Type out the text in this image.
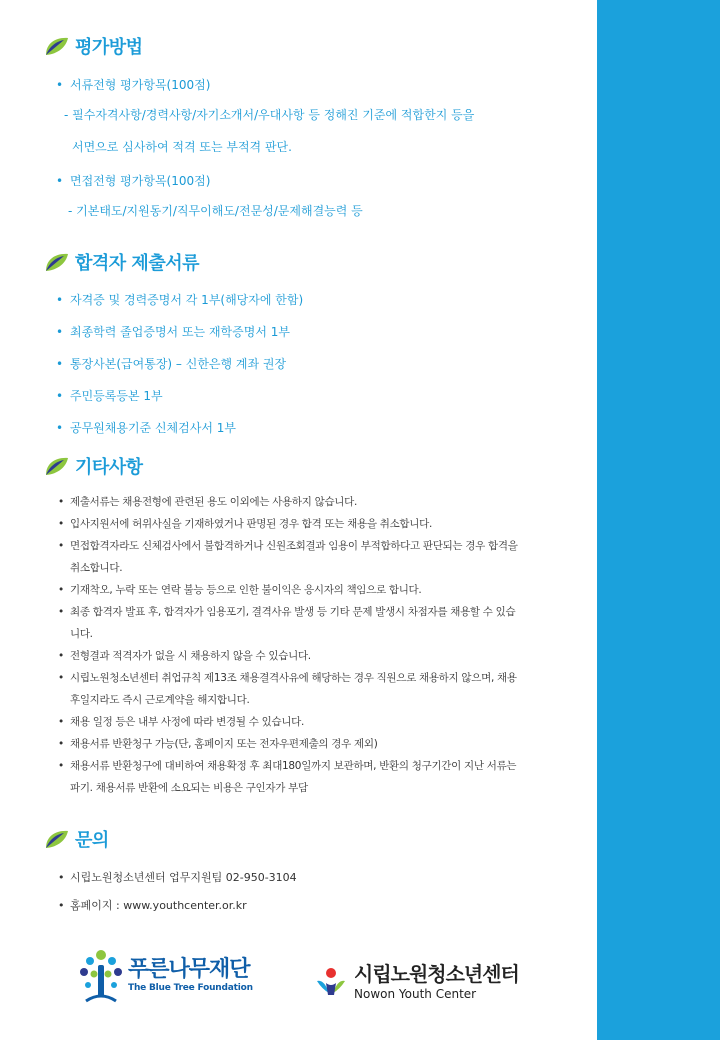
평가방법
• 서류전형 평가항목(100점)
- 필수자격사항/경력사항/자기소개서/우대사항 등 정해진 기준에 적합한지 등을
서면으로 심사하여 적격 또는 부적격 판단.
• 면접전형 평가항목(100점)
- 기본태도/지원동기/직무이해도/전문성/문제해결능력 등
합격자 제출서류
• 자격증 및 경력증명서 각 1부(해당자에 한함)
• 최종학력 졸업증명서 또는 재학증명서 1부
• 통장사본(급여통장) – 신한은행 계좌 권장
• 주민등록등본 1부
• 공무원채용기준 신체검사서 1부
기타사항
• 제출서류는 채용전형에 관련된 용도 이외에는 사용하지 않습니다.
• 입사지원서에 허위사실을 기재하였거나 판명된 경우 합격 또는 채용을 취소합니다.
• 면접합격자라도 신체검사에서 불합격하거나 신원조회결과 임용이 부적합하다고 판단되는 경우 합격을 취소합니다.
• 기재착오, 누락 또는 연락 불능 등으로 인한 불이익은 응시자의 책임으로 합니다.
• 최종 합격자 발표 후, 합격자가 임용포기, 결격사유 발생 등 기타 문제 발생시 차점자를 채용할 수 있습니다.
• 전형결과 적격자가 없을 시 채용하지 않을 수 있습니다.
• 시립노원청소년센터 취업규칙 제13조 채용결격사유에 해당하는 경우 직원으로 채용하지 않으며, 채용 후일지라도 즉시 근로계약을 해지합니다.
• 채용 일정 등은 내부 사정에 따라 변경될 수 있습니다.
• 채용서류 반환청구 가능(단, 홈페이지 또는 전자우편제출의 경우 제외)
• 채용서류 반환청구에 대비하여 채용확정 후 최대180일까지 보관하며, 반환의 청구기간이 지난 서류는 파기. 채용서류 반환에 소요되는 비용은 구인자가 부담
문의
• 시립노원청소년센터 업무지원팀 02-950-3104
• 홈페이지 : www.youthcenter.or.kr
푸른나무재단
The Blue Tree Foundation
시립노원청소년센터
Nowon Youth Center
